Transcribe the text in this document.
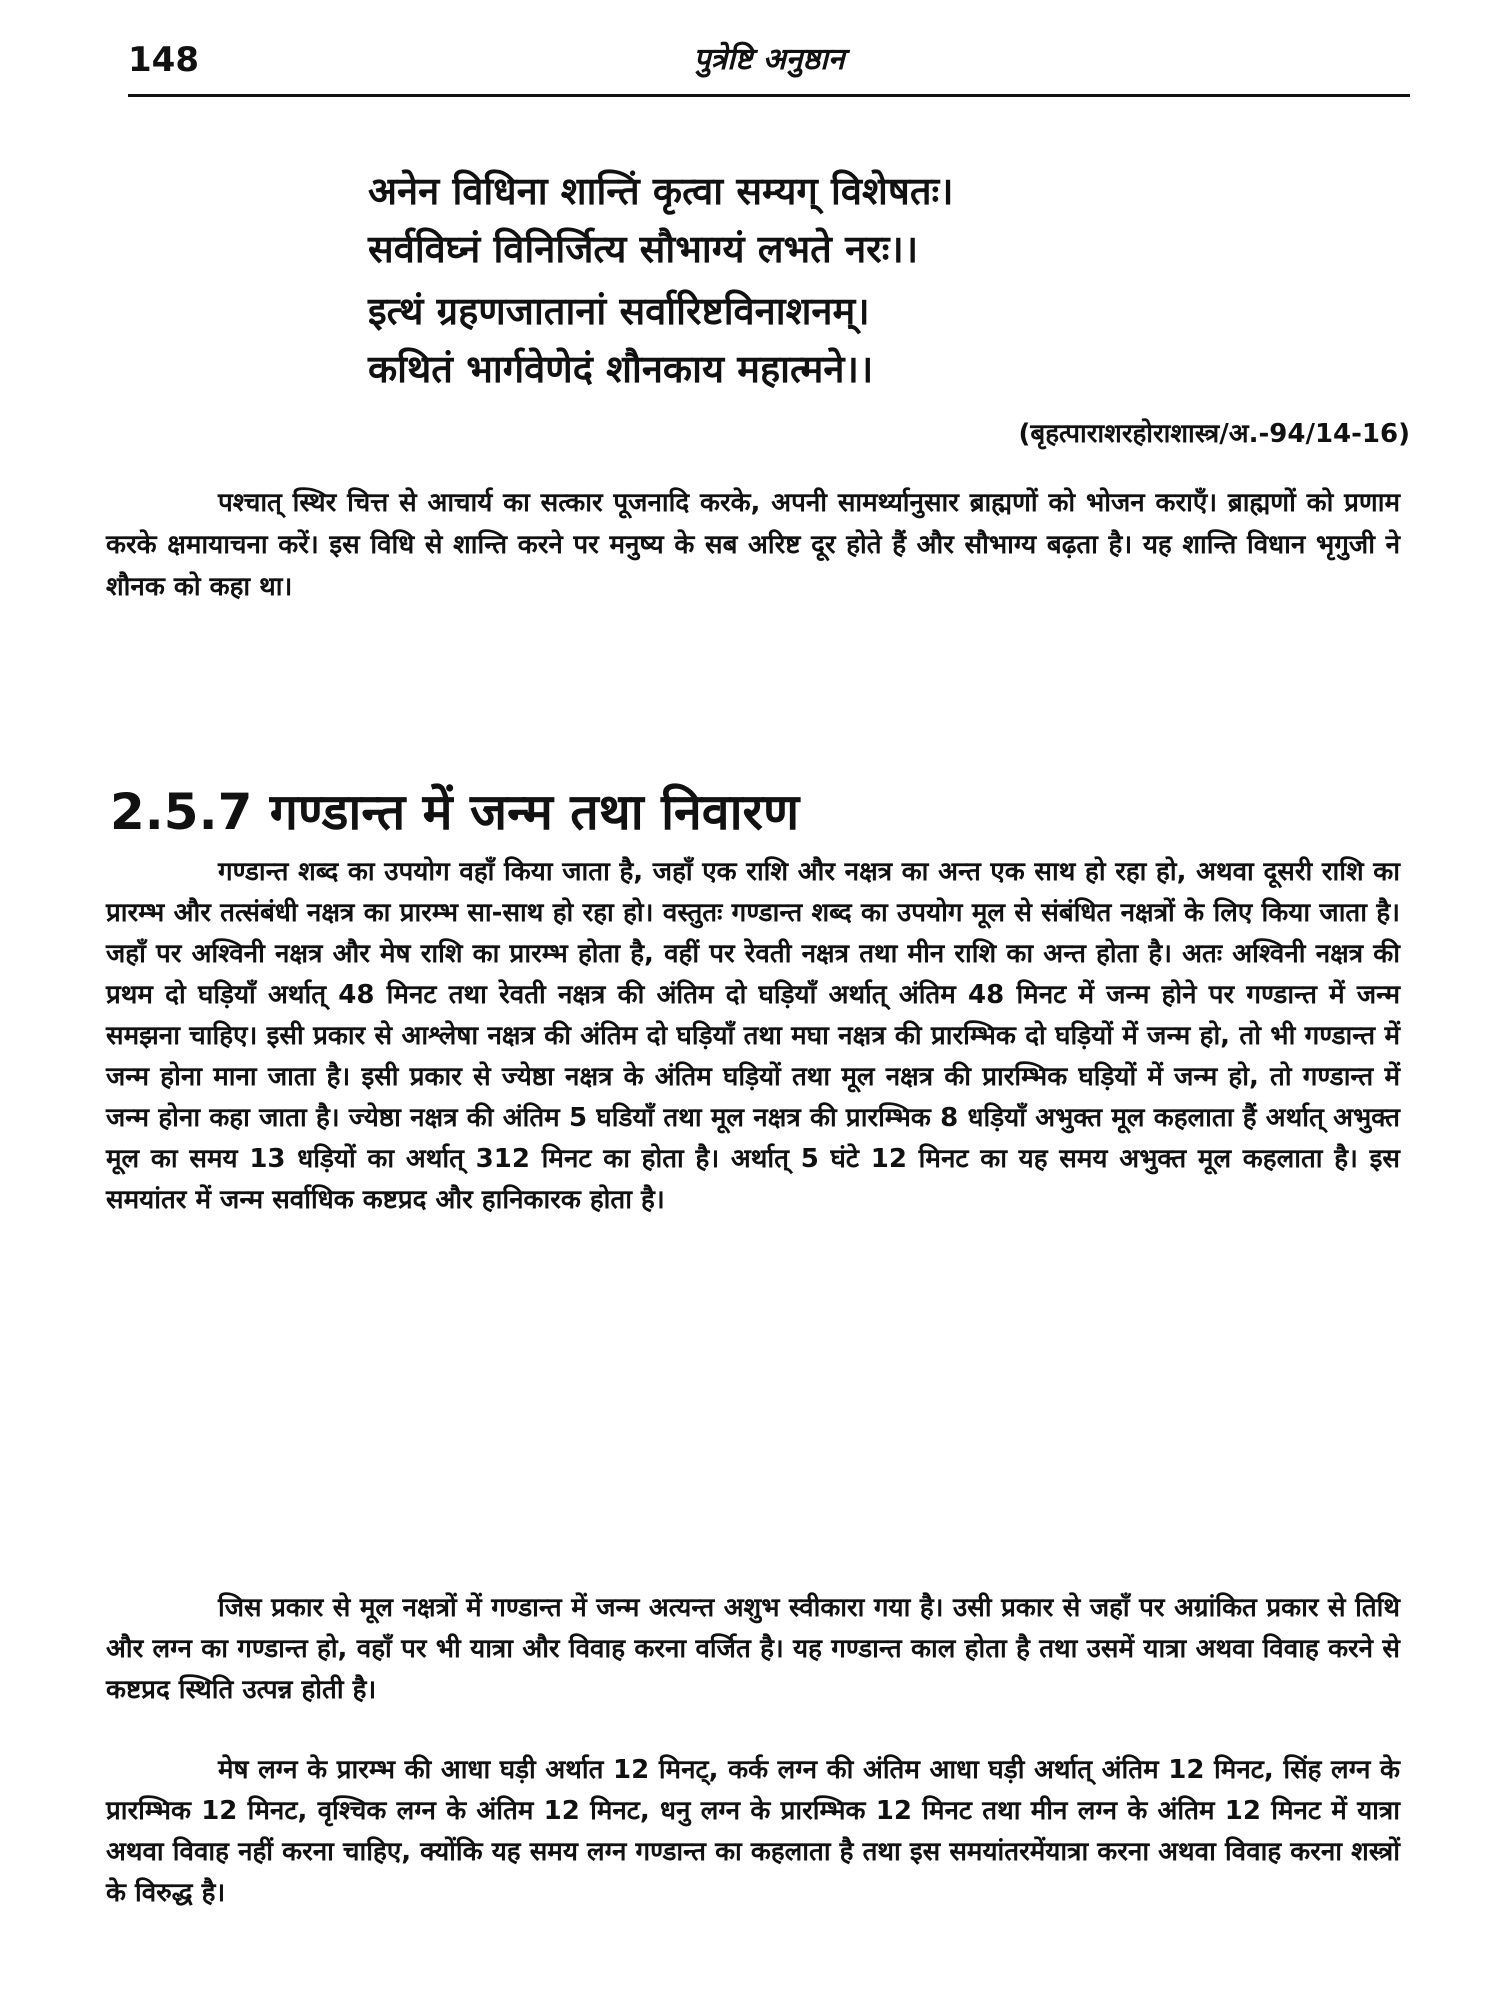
148	पुत्रेष्टि अनुष्ठान
अनेन विधिना शान्तिं कृत्वा सम्यग् विशेषतः।
सर्वविघ्नं विनिर्जित्य सौभाग्यं लभते नरः।।
इत्थं ग्रहणजातानां सर्वारिष्टविनाशनम्।
कथितं भार्गवेणेदं शौनकाय महात्मने।।
(बृहत्पाराशरहोराशास्त्र/अ.-94/14-16)

पश्चात् स्थिर चित्त से आचार्य का सत्कार पूजनादि करके, अपनी सामर्थ्यानुसार ब्राह्मणों को भोजन कराएँ। ब्राह्मणों को प्रणाम करके क्षमायाचना करें। इस विधि से शान्ति करने पर मनुष्य के सब अरिष्ट दूर होते हैं और सौभाग्य बढ़ता है। यह शान्ति विधान भृगुजी ने शौनक को कहा था।

2.5.7 गण्डान्त में जन्म तथा निवारण

गण्डान्त शब्द का उपयोग वहाँ किया जाता है, जहाँ एक राशि और नक्षत्र का अन्त एक साथ हो रहा हो, अथवा दूसरी राशि का प्रारम्भ और तत्संबंधी नक्षत्र का प्रारम्भ सा-साथ हो रहा हो। वस्तुतः गण्डान्त शब्द का उपयोग मूल से संबंधित नक्षत्रों के लिए किया जाता है। जहाँ पर अश्विनी नक्षत्र और मेष राशि का प्रारम्भ होता है, वहीं पर रेवती नक्षत्र तथा मीन राशि का अन्त होता है। अतः अश्विनी नक्षत्र की प्रथम दो घड़ियाँ अर्थात् 48 मिनट तथा रेवती नक्षत्र की अंतिम दो घड़ियाँ अर्थात् अंतिम 48 मिनट में जन्म होने पर गण्डान्त में जन्म समझना चाहिए। इसी प्रकार से आश्लेषा नक्षत्र की अंतिम दो घड़ियाँ तथा मघा नक्षत्र की प्रारम्भिक दो घड़ियों में जन्म हो, तो भी गण्डान्त में जन्म होना माना जाता है। इसी प्रकार से ज्येष्ठा नक्षत्र के अंतिम घड़ियों तथा मूल नक्षत्र की प्रारम्भिक घड़ियों में जन्म हो, तो गण्डान्त में जन्म होना कहा जाता है। ज्येष्ठा नक्षत्र की अंतिम 5 घडियाँ तथा मूल नक्षत्र की प्रारम्भिक 8 धड़ियाँ अभुक्त मूल कहलाता हैं अर्थात् अभुक्त मूल का समय 13 धड़ियों का अर्थात् 312 मिनट का होता है। अर्थात् 5 घंटे 12 मिनट का यह समय अभुक्त मूल कहलाता है। इस समयांतर में जन्म सर्वाधिक कष्टप्रद और हानिकारक होता है।

जिस प्रकार से मूल नक्षत्रों में गण्डान्त में जन्म अत्यन्त अशुभ स्वीकारा गया है। उसी प्रकार से जहाँ पर अग्रांकित प्रकार से तिथि और लग्न का गण्डान्त हो, वहाँ पर भी यात्रा और विवाह करना वर्जित है। यह गण्डान्त काल होता है तथा उसमें यात्रा अथवा विवाह करने से कष्टप्रद स्थिति उत्पन्न होती है।

मेष लग्न के प्रारम्भ की आधा घड़ी अर्थात 12 मिनट्, कर्क लग्न की अंतिम आधा घड़ी अर्थात् अंतिम 12 मिनट, सिंह लग्न के प्रारम्भिक 12 मिनट, वृश्चिक लग्न के अंतिम 12 मिनट, धनु लग्न के प्रारम्भिक 12 मिनट तथा मीन लग्न के अंतिम 12 मिनट में यात्रा अथवा विवाह नहीं करना चाहिए, क्योंकि यह समय लग्न गण्डान्त का कहलाता है तथा इस समयांतरमेंयात्रा करना अथवा विवाह करना शस्त्रों के विरुद्ध है।
